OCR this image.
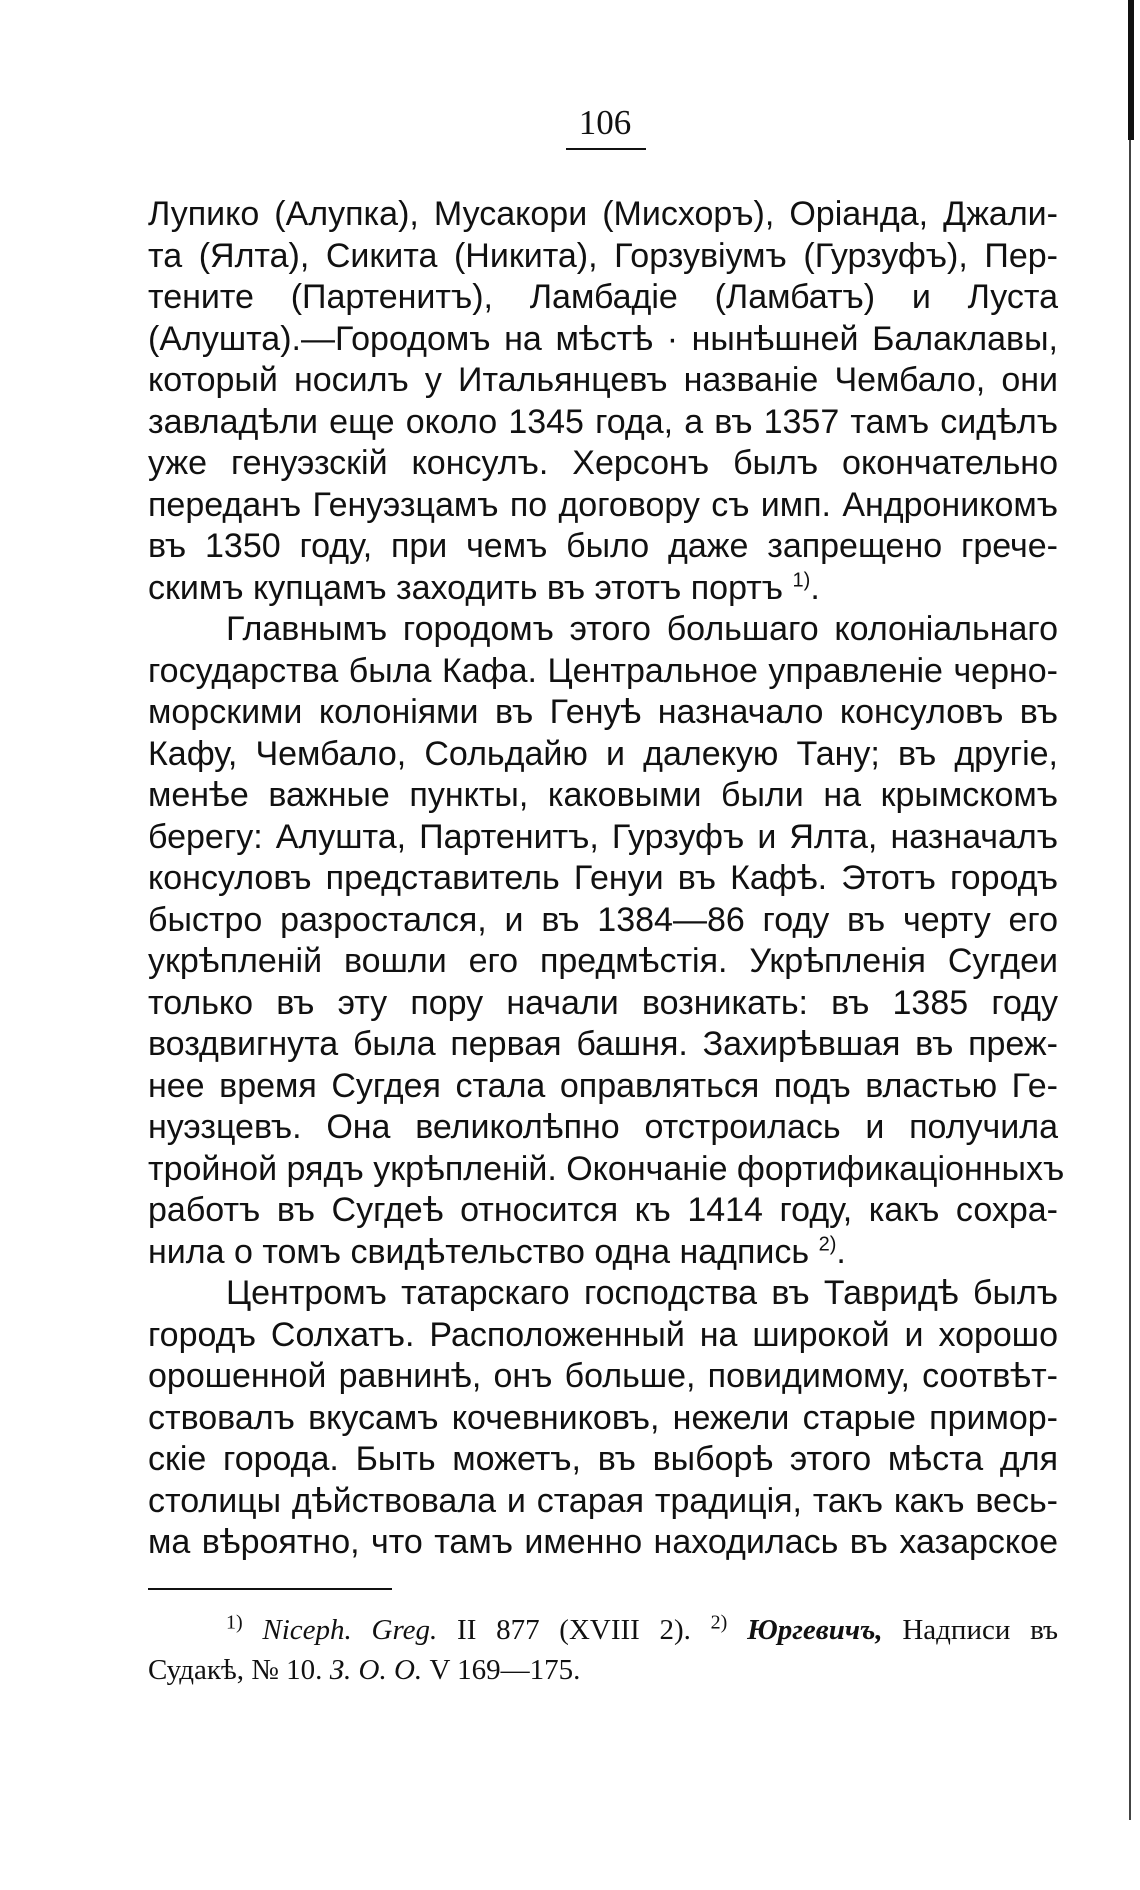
106
Лупико (Алупка), Мусакори (Мисхоръ), Оріанда, Джали-
та (Ялта), Сикита (Никита), Горзувіумъ (Гурзуфъ), Пер-
тените (Партенитъ), Ламбадіе (Ламбатъ) и Луста
(Алушта).—Городомъ на мѣстѣ · нынѣшней Балаклавы,
который носилъ у Итальянцевъ названіе Чембало, они
завладѣли еще около 1345 года, а въ 1357 тамъ сидѣлъ
уже генуэзскій консулъ. Херсонъ былъ окончательно
переданъ Генуэзцамъ по договору съ имп. Андроникомъ
въ 1350 году, при чемъ было даже запрещено грече-
скимъ купцамъ заходить въ этотъ портъ $^{1)}$.
Главнымъ городомъ этого большаго колоніальнаго
государства была Кафа. Центральное управленіе черно-
морскими колоніями въ Генуѣ назначало консуловъ въ
Кафу, Чембало, Сольдайю и далекую Тану; въ другіе,
менѣе важные пункты, каковыми были на крымскомъ
берегу: Алушта, Партенитъ, Гурзуфъ и Ялта, назначалъ
консуловъ представитель Генуи въ Кафѣ. Этотъ городъ
быстро разростался, и въ 1384—86 году въ черту его
укрѣпленій вошли его предмѣстія. Укрѣпленія Сугдеи
только въ эту пору начали возникать: въ 1385 году
воздвигнута была первая башня. Захирѣвшая въ преж-
нее время Сугдея стала оправляться подъ властью Ге-
нуэзцевъ. Она великолѣпно отстроилась и получила
тройной рядъ укрѣпленій. Окончаніе фортификаціонныхъ
работъ въ Сугдеѣ относится къ 1414 году, какъ сохра-
нила о томъ свидѣтельство одна надпись $^{2)}$.
Центромъ татарскаго господства въ Тавридѣ былъ
городъ Солхатъ. Расположенный на широкой и хорошо
орошенной равнинѣ, онъ больше, повидимому, соотвѣт-
ствовалъ вкусамъ кочевниковъ, нежели старые примор-
скіе города. Быть можетъ, въ выборѣ этого мѣста для
столицы дѣйствовала и старая традиція, такъ какъ весь-
ма вѣроятно, что тамъ именно находилась въ хазарское
$^{1)}$ Niceph. Greg. II 877 (XVIII 2). $^{2)}$ Юргевичъ, Надписи въ
Судакѣ, № 10. З. О. О. V 169—175.
